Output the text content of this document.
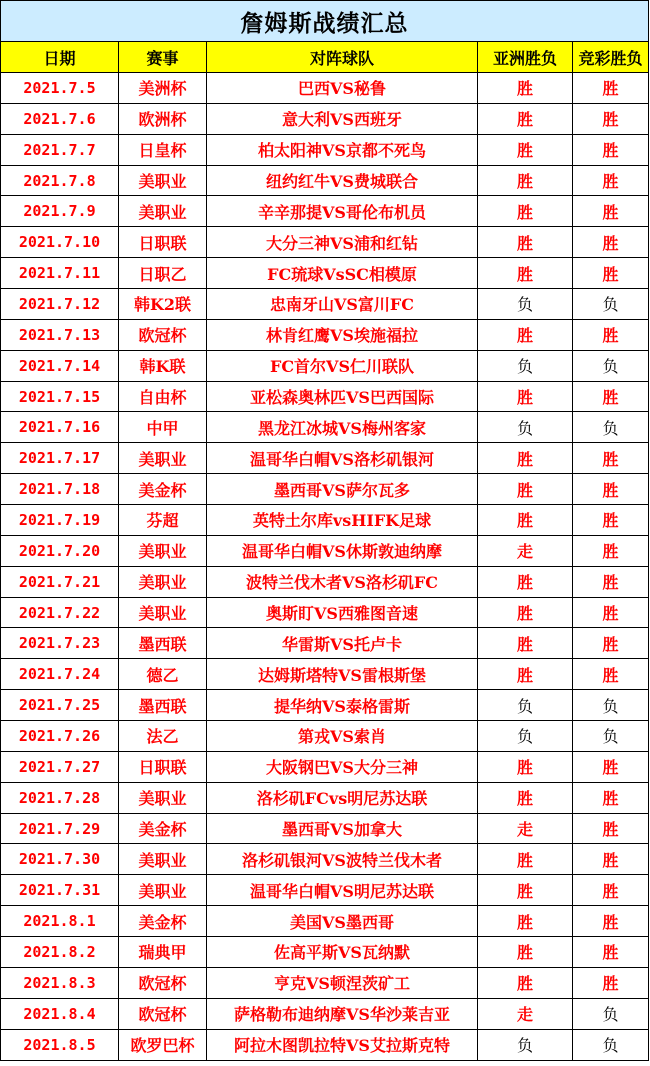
詹姆斯战绩汇总				
日期	赛事	对阵球队	亚洲胜负	竞彩胜负
2021.7.5	美洲杯	巴西VS秘鲁	胜	胜
2021.7.6	欧洲杯	意大利VS西班牙	胜	胜
2021.7.7	日皇杯	柏太阳神VS京都不死鸟	胜	胜
2021.7.8	美职业	纽约红牛VS费城联合	胜	胜
2021.7.9	美职业	辛辛那提VS哥伦布机员	胜	胜
2021.7.10	日职联	大分三神VS浦和红钻	胜	胜
2021.7.11	日职乙	FC琉球VsSC相模原	胜	胜
2021.7.12	韩K2联	忠南牙山VS富川FC	负	负
2021.7.13	欧冠杯	林肯红鹰VS埃施福拉	胜	胜
2021.7.14	韩K联	FC首尔VS仁川联队	负	负
2021.7.15	自由杯	亚松森奥林匹VS巴西国际	胜	胜
2021.7.16	中甲	黑龙江冰城VS梅州客家	负	负
2021.7.17	美职业	温哥华白帽VS洛杉矶银河	胜	胜
2021.7.18	美金杯	墨西哥VS萨尔瓦多	胜	胜
2021.7.19	芬超	英特土尔库vsHIFK足球	胜	胜
2021.7.20	美职业	温哥华白帽VS休斯敦迪纳摩	走	胜
2021.7.21	美职业	波特兰伐木者VS洛杉矶FC	胜	胜
2021.7.22	美职业	奥斯盯VS西雅图音速	胜	胜
2021.7.23	墨西联	华雷斯VS托卢卡	胜	胜
2021.7.24	德乙	达姆斯塔特VS雷根斯堡	胜	胜
2021.7.25	墨西联	提华纳VS泰格雷斯	负	负
2021.7.26	法乙	第戎VS索肖	负	负
2021.7.27	日职联	大阪钢巴VS大分三神	胜	胜
2021.7.28	美职业	洛杉矶FCvs明尼苏达联	胜	胜
2021.7.29	美金杯	墨西哥VS加拿大	走	胜
2021.7.30	美职业	洛杉矶银河VS波特兰伐木者	胜	胜
2021.7.31	美职业	温哥华白帽VS明尼苏达联	胜	胜
2021.8.1	美金杯	美国VS墨西哥	胜	胜
2021.8.2	瑞典甲	佐高平斯VS瓦纳默	胜	胜
2021.8.3	欧冠杯	亨克VS顿涅茨矿工	胜	胜
2021.8.4	欧冠杯	萨格勒布迪纳摩VS华沙莱吉亚	走	负
2021.8.5	欧罗巴杯	阿拉木图凯拉特VS艾拉斯克特	负	负
